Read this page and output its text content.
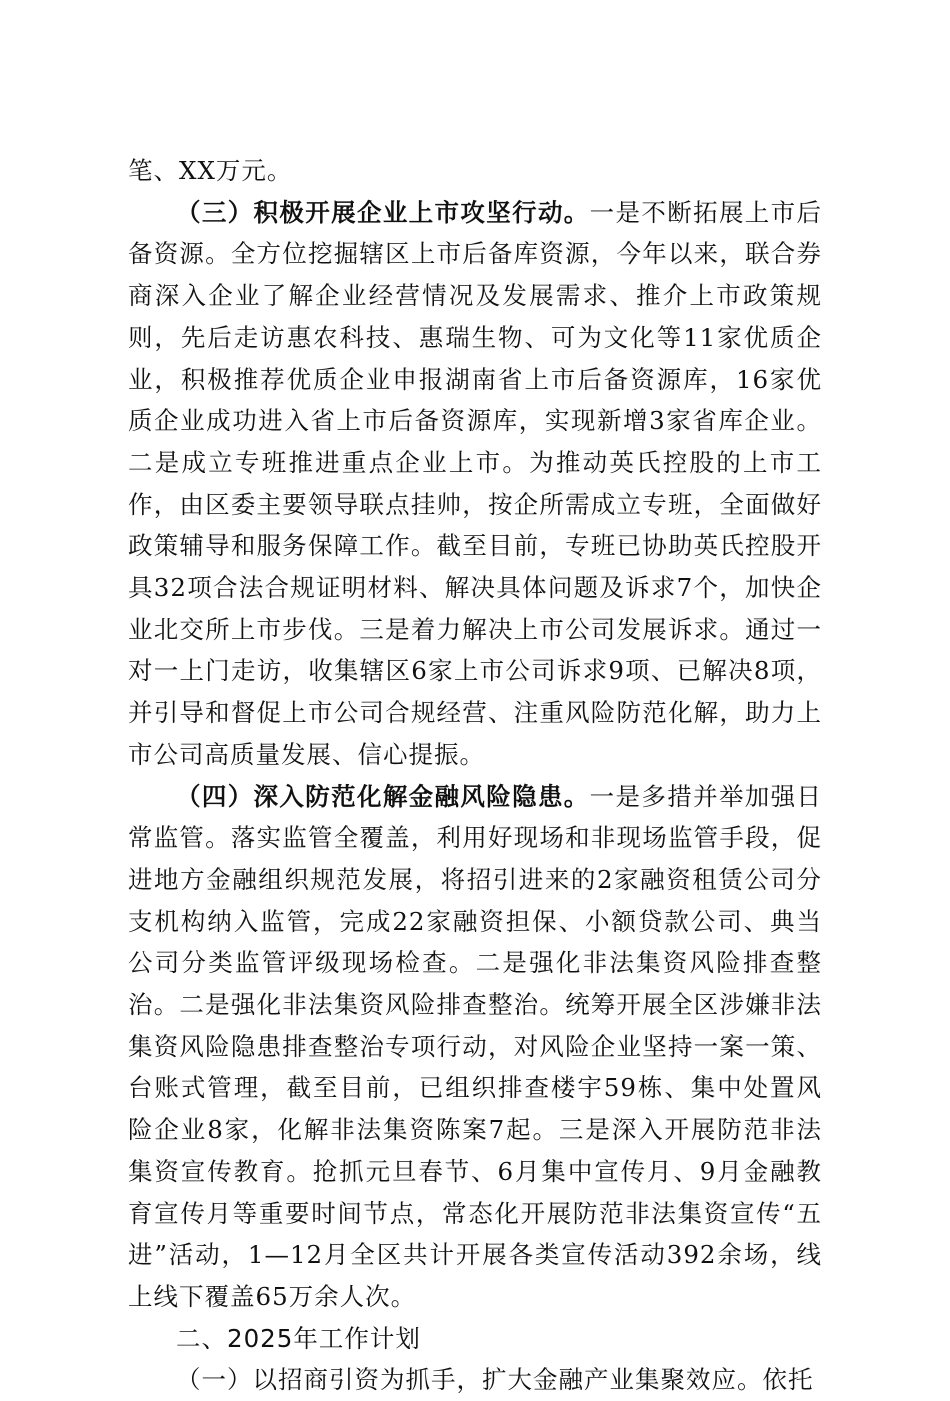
笔、XX万元。

（三）积极开展企业上市攻坚行动。一是不断拓展上市后备资源。全方位挖掘辖区上市后备库资源，今年以来，联合券商深入企业了解企业经营情况及发展需求、推介上市政策规则，先后走访惠农科技、惠瑞生物、可为文化等11家优质企业，积极推荐优质企业申报湖南省上市后备资源库，16家优质企业成功进入省上市后备资源库，实现新增3家省库企业。二是成立专班推进重点企业上市。为推动英氏控股的上市工作，由区委主要领导联点挂帅，按企所需成立专班，全面做好政策辅导和服务保障工作。截至目前，专班已协助英氏控股开具32项合法合规证明材料、解决具体问题及诉求7个，加快企业北交所上市步伐。三是着力解决上市公司发展诉求。通过一对一上门走访，收集辖区6家上市公司诉求9项、已解决8项，并引导和督促上市公司合规经营、注重风险防范化解，助力上市公司高质量发展、信心提振。

（四）深入防范化解金融风险隐患。一是多措并举加强日常监管。落实监管全覆盖，利用好现场和非现场监管手段，促进地方金融组织规范发展，将招引进来的2家融资租赁公司分支机构纳入监管，完成22家融资担保、小额贷款公司、典当公司分类监管评级现场检查。二是强化非法集资风险排查整治。二是强化非法集资风险排查整治。统筹开展全区涉嫌非法集资风险隐患排查整治专项行动，对风险企业坚持一案一策、台账式管理，截至目前，已组织排查楼宇59栋、集中处置风险企业8家，化解非法集资陈案7起。三是深入开展防范非法集资宣传教育。抢抓元旦春节、6月集中宣传月、9月金融教育宣传月等重要时间节点，常态化开展防范非法集资宣传“五进”活动，1—12月全区共计开展各类宣传活动392余场，线上线下覆盖65万余人次。

二、2025年工作计划

（一）以招商引资为抓手，扩大金融产业集聚效应。依托
